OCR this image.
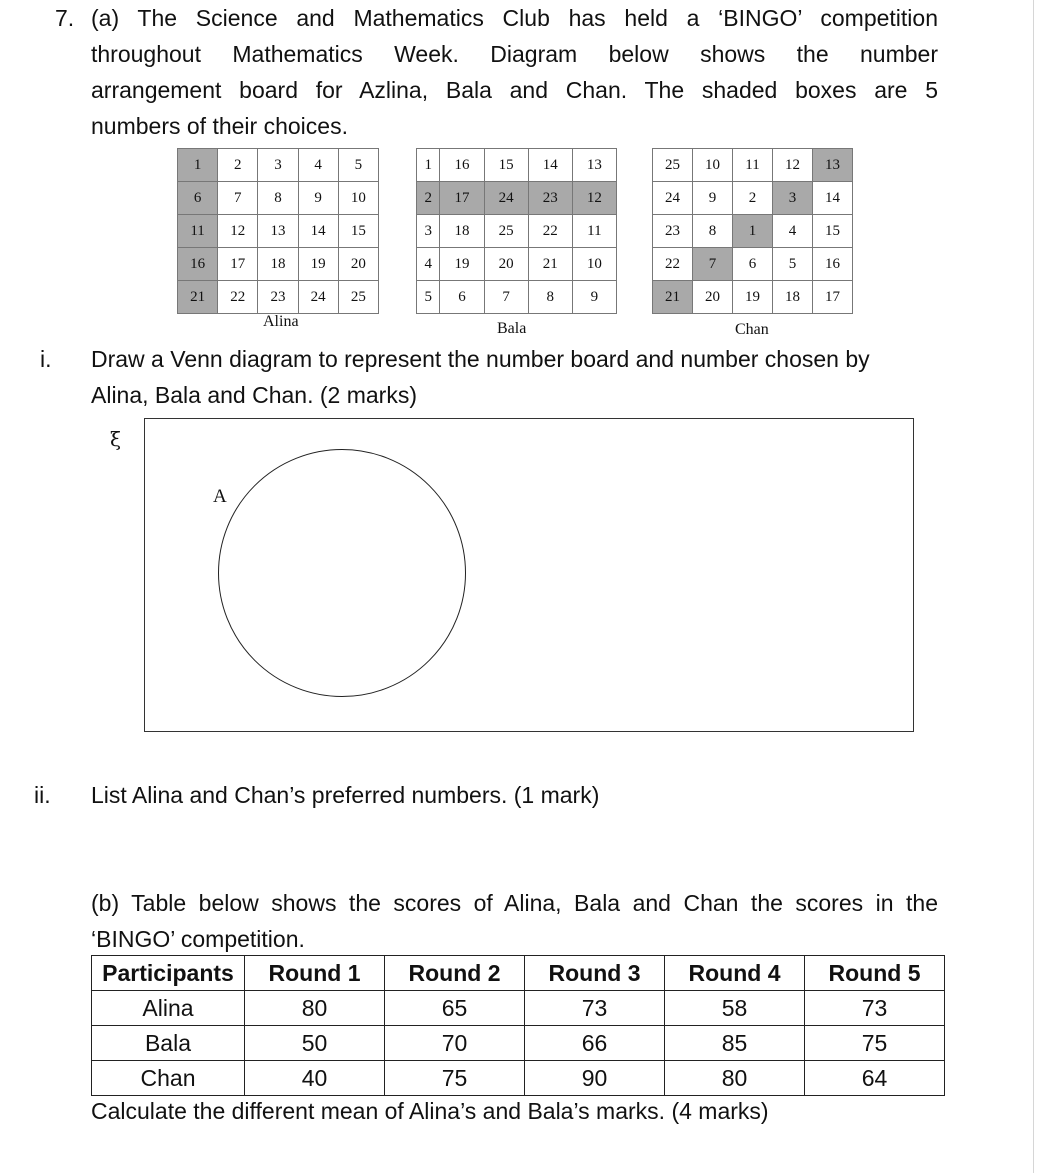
7. (a) The Science and Mathematics Club has held a ‘BINGO’ competition
throughout Mathematics Week. Diagram below shows the number
arrangement board for Azlina, Bala and Chan. The shaded boxes are 5
numbers of their choices.
1	2	3	4	5
6	7	8	9	10
11	12	13	14	15
16	17	18	19	20
21	22	23	24	25
Alina
1	16	15	14	13
2	17	24	23	12
3	18	25	22	11
4	19	20	21	10
5	6	7	8	9
Bala
25	10	11	12	13
24	9	2	3	14
23	8	1	4	15
22	7	6	5	16
21	20	19	18	17
Chan
i. Draw a Venn diagram to represent the number board and number chosen by
Alina, Bala and Chan. (2 marks)
ξ
A
ii. List Alina and Chan’s preferred numbers. (1 mark)
(b) Table below shows the scores of Alina, Bala and Chan the scores in the
‘BINGO’ competition.
Participants	Round 1	Round 2	Round 3	Round 4	Round 5
Alina	80	65	73	58	73
Bala	50	70	66	85	75
Chan	40	75	90	80	64
Calculate the different mean of Alina’s and Bala’s marks. (4 marks)
